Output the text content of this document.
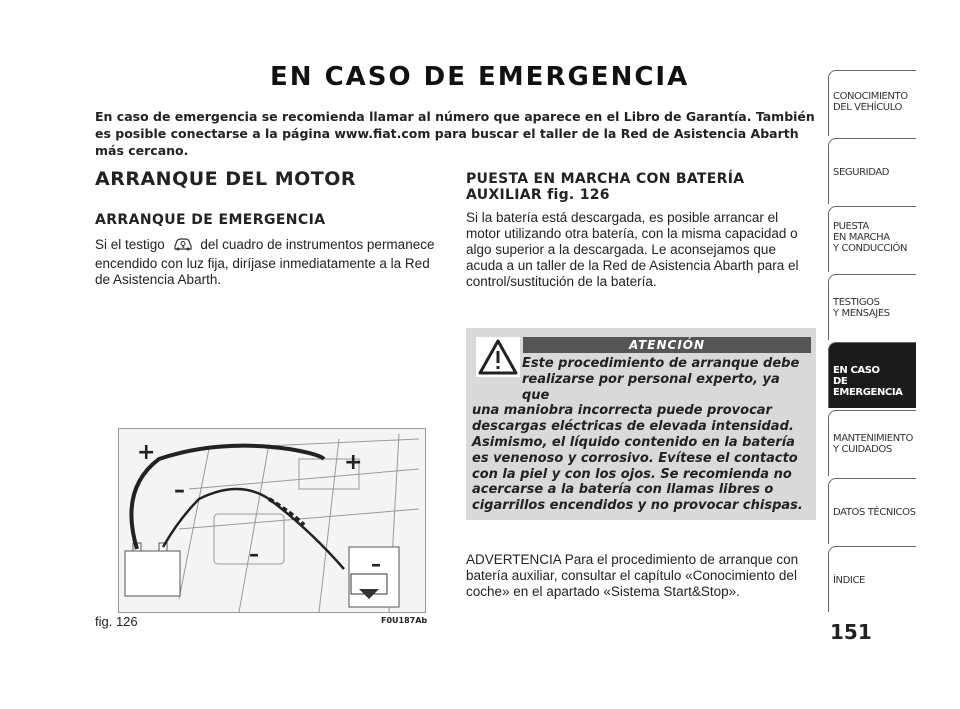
EN CASO DE EMERGENCIA
En caso de emergencia se recomienda llamar al número que aparece en el Libro de Garantía. También es posible conectarse a la página www.fiat.com para buscar el taller de la Red de Asistencia Abarth más cercano.
ARRANQUE DEL MOTOR
ARRANQUE DE EMERGENCIA
Si el testigo	del cuadro de instrumentos permanece encendido con luz fija, diríjase inmediatamente a la Red de Asistencia Abarth.
+
–
+
–	–
fig. 126	F0U187Ab
PUESTA EN MARCHA CON BATERÍA AUXILIAR fig. 126
Si la batería está descargada, es posible arrancar el motor utilizando otra batería, con la misma capacidad o algo superior a la descargada. Le aconsejamos que acuda a un taller de la Red de Asistencia Abarth para el control/sustitución de la batería.
ATENCIÓN
Este procedimiento de arranque debe realizarse por personal experto, ya que
una maniobra incorrecta puede provocar descargas eléctricas de elevada intensidad. Asimismo, el líquido contenido en la batería es venenoso y corrosivo. Evítese el contacto con la piel y con los ojos. Se recomienda no acercarse a la batería con llamas libres o cigarrillos encendidos y no provocar chispas.
ADVERTENCIA Para el procedimiento de arranque con batería auxiliar, consultar el capítulo «Conocimiento del coche» en el apartado «Sistema Start&Stop».
CONOCIMIENTO
DEL VEHÍCULO
SEGURIDAD
PUESTA
EN MARCHA
Y CONDUCCIÓN
TESTIGOS
Y MENSAJES
EN CASO
DE EMERGENCIA
MANTENIMIENTO
Y CUIDADOS
DATOS TÉCNICOS
ÍNDICE
151
